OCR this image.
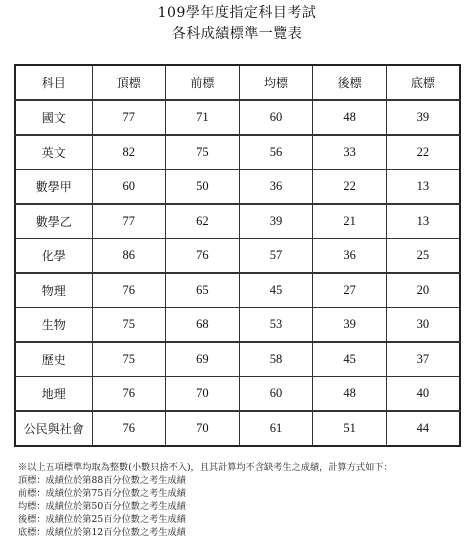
109學年度指定科目考試
各科成績標準一覽表
科目	頂標	前標	均標	後標	底標
國文	77	71	60	48	39
英文	82	75	56	33	22
數學甲	60	50	36	22	13
數學乙	77	62	39	21	13
化學	86	76	57	36	25
物理	76	65	45	27	20
生物	75	68	53	39	30
歷史	75	69	58	45	37
地理	76	70	60	48	40
公民與社會	76	70	61	51	44
※以上五項標準均取為整數(小數只捨不入)，且其計算均不含缺考生之成績，計算方式如下：
頂標：成績位於第88百分位數之考生成績
前標：成績位於第75百分位數之考生成績
均標：成績位於第50百分位數之考生成績
後標：成績位於第25百分位數之考生成績
底標：成績位於第12百分位數之考生成績
